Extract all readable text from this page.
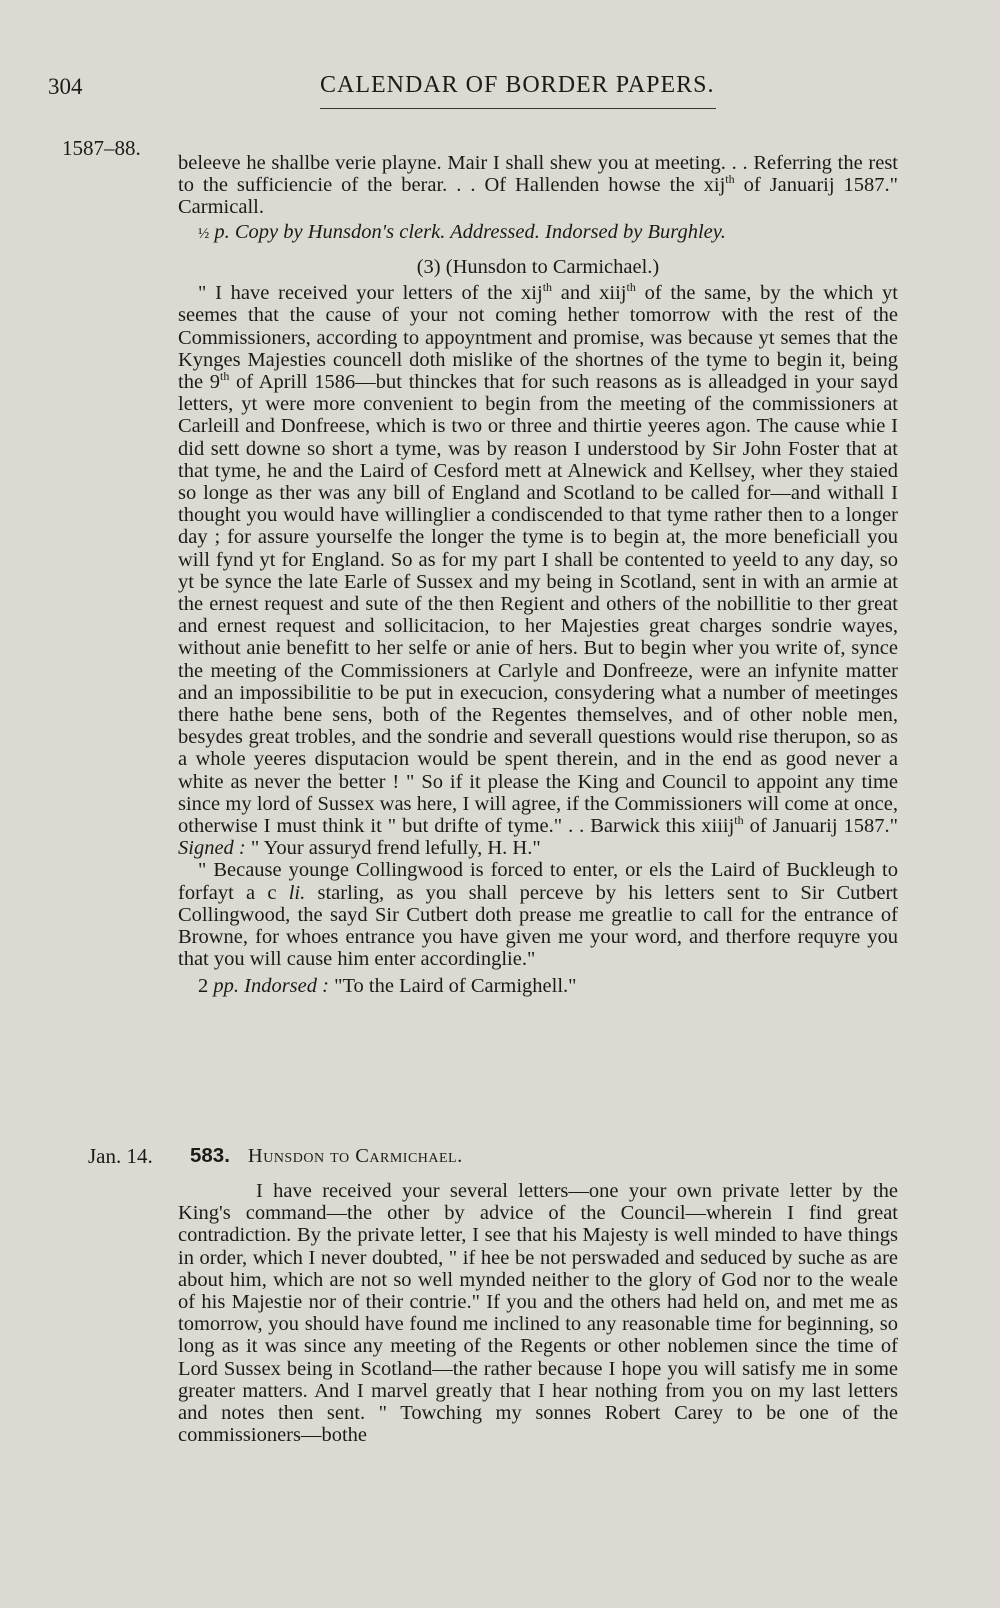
304	CALENDAR OF BORDER PAPERS.
1587–88.

beleeve he shallbe verie playne. Mair I shall shew you at meeting. . . Referring the rest to the sufficiencie of the berar. . . Of Hallenden howse the xij$^{th}$ of Januarij 1587." Carmicall.

½ p. Copy by Hunsdon's clerk. Addressed. Indorsed by Burghley.

(3) (Hunsdon to Carmichael.)

" I have received your letters of the xij$^{th}$ and xiij$^{th}$ of the same, by the which yt seemes that the cause of your not coming hether tomorrow with the rest of the Commissioners, according to appoyntment and promise, was because yt semes that the Kynges Majesties councell doth mislike of the shortnes of the tyme to begin it, being the 9th of Aprill 1586—but thinckes that for such reasons as is alleadged in your sayd letters, yt were more convenient to begin from the meeting of the commissioners at Carleill and Donfreese, which is two or three and thirtie yeeres agon. The cause whie I did sett downe so short a tyme, was by reason I understood by Sir John Foster that at that tyme, he and the Laird of Cesford mett at Alnewick and Kellsey, wher they staied so longe as ther was any bill of England and Scotland to be called for—and withall I thought you would have willinglier a condiscended to that tyme rather then to a longer day ; for assure yourselfe the longer the tyme is to begin at, the more beneficiall you will fynd yt for England. So as for my part I shall be contented to yeeld to any day, so yt be synce the late Earle of Sussex and my being in Scotland, sent in with an armie at the ernest request and sute of the then Regient and others of the nobillitie to ther great and ernest request and sollicitacion, to her Majesties great charges sondrie wayes, without anie benefitt to her selfe or anie of hers. But to begin wher you write of, synce the meeting of the Commissioners at Carlyle and Donfreeze, were an infynite matter and an impossibilitie to be put in execucion, consydering what a number of meetinges there hathe bene sens, both of the Regentes themselves, and of other noble men, besydes great trobles, and the sondrie and severall questions would rise therupon, so as a whole yeeres disputacion would be spent therein, and in the end as good never a white as never the better ! " So if it please the King and Council to appoint any time since my lord of Sussex was here, I will agree, if the Commissioners will come at once, otherwise I must think it " but drifte of tyme." . . Barwick this xiiij$^{th}$ of Januarij 1587." Signed : " Your assuryd frend lefully, H. H."

" Because younge Collingwood is forced to enter, or els the Laird of Buckleugh to forfayt a c li. starling, as you shall perceve by his letters sent to Sir Cutbert Collingwood, the sayd Sir Cutbert doth prease me greatlie to call for the entrance of Browne, for whoes entrance you have given me your word, and therfore requyre you that you will cause him enter accordinglie."

2 pp. Indorsed : "To the Laird of Carmighell."

Jan. 14. 583. Hunsdon to Carmichael.

I have received your several letters—one your own private letter by the King's command—the other by advice of the Council—wherein I find great contradiction. By the private letter, I see that his Majesty is well minded to have things in order, which I never doubted, " if hee be not perswaded and seduced by suche as are about him, which are not so well mynded neither to the glory of God nor to the weale of his Majestie nor of their contrie." If you and the others had held on, and met me as tomorrow, you should have found me inclined to any reasonable time for beginning, so long as it was since any meeting of the Regents or other noblemen since the time of Lord Sussex being in Scotland—the rather because I hope you will satisfy me in some greater matters. And I marvel greatly that I hear nothing from you on my last letters and notes then sent. " Towching my sonnes Robert Carey to be one of the commissioners—bothe
